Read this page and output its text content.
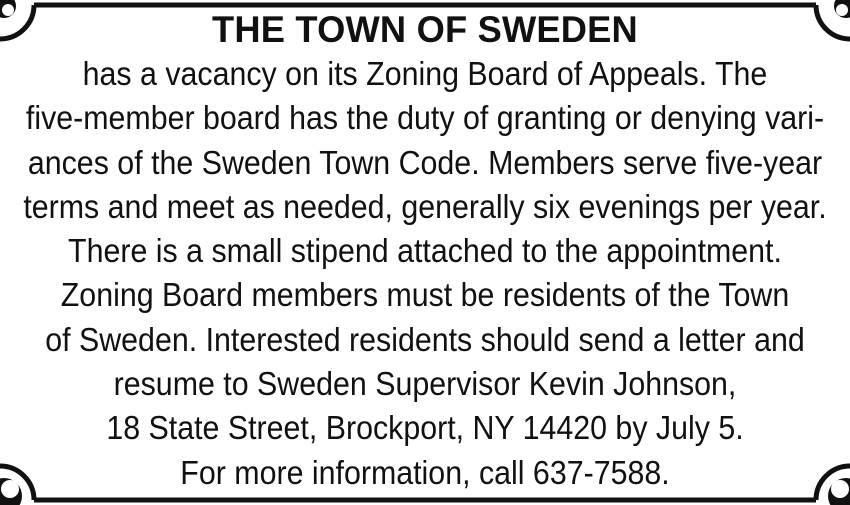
THE TOWN OF SWEDEN
has a vacancy on its Zoning Board of Appeals. The
five-member board has the duty of granting or denying vari-
ances of the Sweden Town Code. Members serve five-year
terms and meet as needed, generally six evenings per year.
There is a small stipend attached to the appointment.
Zoning Board members must be residents of the Town
of Sweden. Interested residents should send a letter and
resume to Sweden Supervisor Kevin Johnson,
18 State Street, Brockport, NY 14420 by July 5.
For more information, call 637-7588.
